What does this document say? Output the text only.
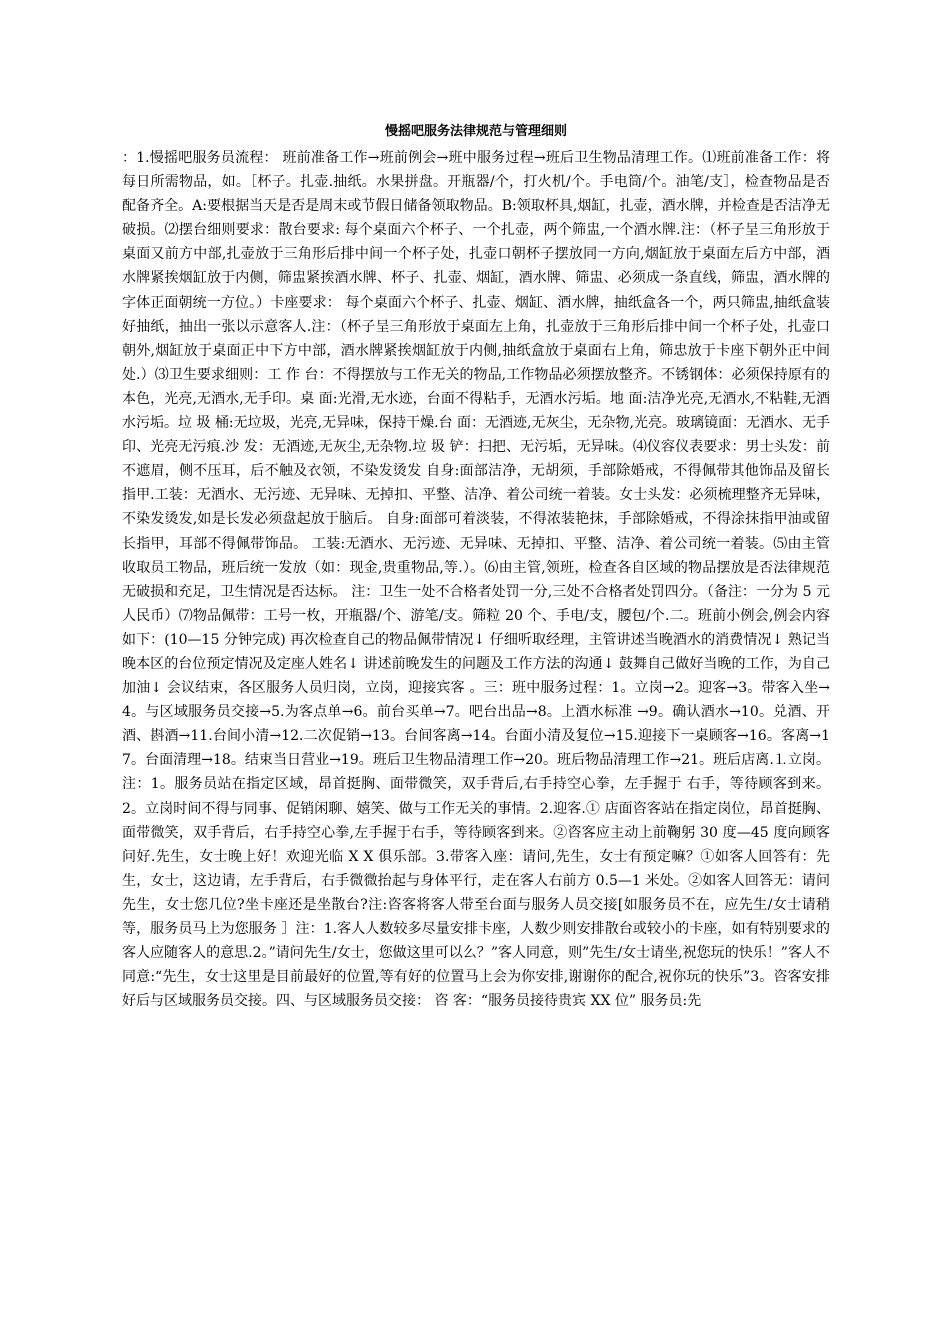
慢摇吧服务法律规范与管理细则

：1.慢摇吧服务员流程： 班前准备工作→班前例会→班中服务过程→班后卫生物品清理工作。⑴班前准备工作：将每日所需物品，如。［杯子。扎壶.抽纸。水果拼盘。开瓶器/个，打火机/个。手电筒/个。油笔/支］，检查物品是否配备齐全。A:要根据当天是否是周末或节假日储备领取物品。B:领取杯具,烟缸，扎壶，酒水牌，并检查是否洁净无破损。⑵摆台细则要求：散台要求: 每个桌面六个杯子、一个扎壶，两个筛盅,一个酒水牌.注：（杯子呈三角形放于桌面又前方中部,扎壶放于三角形后排中间一个杯子处，扎壶口朝杯子摆放同一方向,烟缸放于桌面左后方中部，酒水牌紧挨烟缸放于内侧，筛盅紧挨酒水牌、杯子、扎壶、烟缸，酒水牌、筛盅、必须成一条直线，筛盅，酒水牌的字体正面朝统一方位。）卡座要求： 每个桌面六个杯子、扎壶、烟缸、酒水牌，抽纸盒各一个，两只筛盅,抽纸盒装好抽纸，抽出一张以示意客人.注：（杯子呈三角形放于桌面左上角，扎壶放于三角形后排中间一个杯子处，扎壶口朝外,烟缸放于桌面正中下方中部，酒水牌紧挨烟缸放于内侧,抽纸盒放于桌面右上角，筛忠放于卡座下朝外正中间处.）⑶卫生要求细则：工 作 台：不得摆放与工作无关的物品,工作物品必须摆放整齐。不锈钢体：必须保持原有的本色，光亮,无酒水,无手印。桌 面:光滑,无水迹，台面不得粘手，无酒水污垢。地 面:洁净光亮,无酒水,不粘鞋,无酒水污垢。垃 圾 桶:无垃圾，光亮,无异味，保持干燥.台 面：无酒迹,无灰尘，无杂物,光亮。玻璃镜面：无酒水、无手印、光亮无污痕.沙 发：无酒迹,无灰尘,无杂物.垃 圾 铲：扫把、无污垢，无异味。⑷仪容仪表要求：男士头发：前不遮眉，侧不压耳，后不触及衣领，不染发烫发 自身:面部洁净，无胡须，手部除婚戒，不得佩带其他饰品及留长指甲.工装：无酒水、无污迹、无异味、无掉扣、平整、洁净、着公司统一着装。女士头发：必须梳理整齐无异味，不染发烫发,如是长发必须盘起放于脑后。 自身:面部可着淡装，不得浓装艳抹，手部除婚戒，不得涂抹指甲油或留长指甲，耳部不得佩带饰品。 工装:无酒水、无污迹、无异味、无掉扣、平整、洁净、着公司统一着装。⑸由主管收取员工物品，班后统一发放（如：现金,贵重物品,等.）。⑹由主管,领班，检查各自区域的物品摆放是否法律规范无破损和充足，卫生情况是否达标。 注：卫生一处不合格者处罚一分,三处不合格者处罚四分。（备注：一分为 5 元人民币）⑺物品佩带：工号一枚，开瓶器/个、游笔/支。筛粒 20 个、手电/支，腰包/个.二。班前小例会,例会内容如下：(10—15 分钟完成) 再次检查自己的物品佩带情况↓ 仔细听取经理，主管讲述当晚酒水的消费情况↓ 熟记当晚本区的台位预定情况及定座人姓名↓ 讲述前晚发生的问题及工作方法的沟通↓ 鼓舞自己做好当晚的工作，为自己加油↓ 会议结束，各区服务人员归岗，立岗，迎接宾客 。三：班中服务过程：1。立岗→2。迎客→3。带客入坐→4。与区域服务员交接→5.为客点单→6。前台买单→7。吧台出品→8。上酒水标准 →9。确认酒水→10。兑酒、开酒、斟酒→11.台间小清→12.二次促销→13。台间客离→14。台面小清及复位→15.迎接下一桌顾客→16。客离→17。台面清理→18。结束当日营业→19。班后卫生物品清理工作→20。班后物品清理工作→21。班后店离.⒈立岗。注：1。服务员站在指定区域，昂首挺胸、面带微笑，双手背后,右手持空心拳，左手握于 右手，等待顾客到来。2。立岗时间不得与同事、促销闲聊、嬉笑、做与工作无关的事情。2.迎客.① 店面咨客站在指定岗位，昂首挺胸、面带微笑，双手背后，右手持空心拳,左手握于右手，等待顾客到来。②咨客应主动上前鞠躬 30 度—45 度向顾客问好.先生，女士晚上好！欢迎光临 X X 俱乐部。3.带客入座：请问,先生，女士有预定嘛？①如客人回答有：先生，女士，这边请，左手背后，右手微微抬起与身体平行，走在客人右前方 0.5—1 米处。②如客人回答无：请问先生，女士您几位?坐卡座还是坐散台?注:咨客将客人带至台面与服务人员交接[如服务员不在，应先生/女士请稍等，服务员马上为您服务 ］注：1.客人人数较多尽量安排卡座，人数少则安排散台或较小的卡座，如有特别要求的客人应随客人的意思.2。”请问先生/女士，您做这里可以么？”客人同意，则”先生/女士请坐,祝您玩的快乐！”客人不同意:“先生，女士这里是目前最好的位置,等有好的位置马上会为你安排,谢谢你的配合,祝你玩的快乐”3。咨客安排好后与区域服务员交接。四、与区域服务员交接： 咨 客：“服务员接待贵宾 XX 位” 服务员:先
